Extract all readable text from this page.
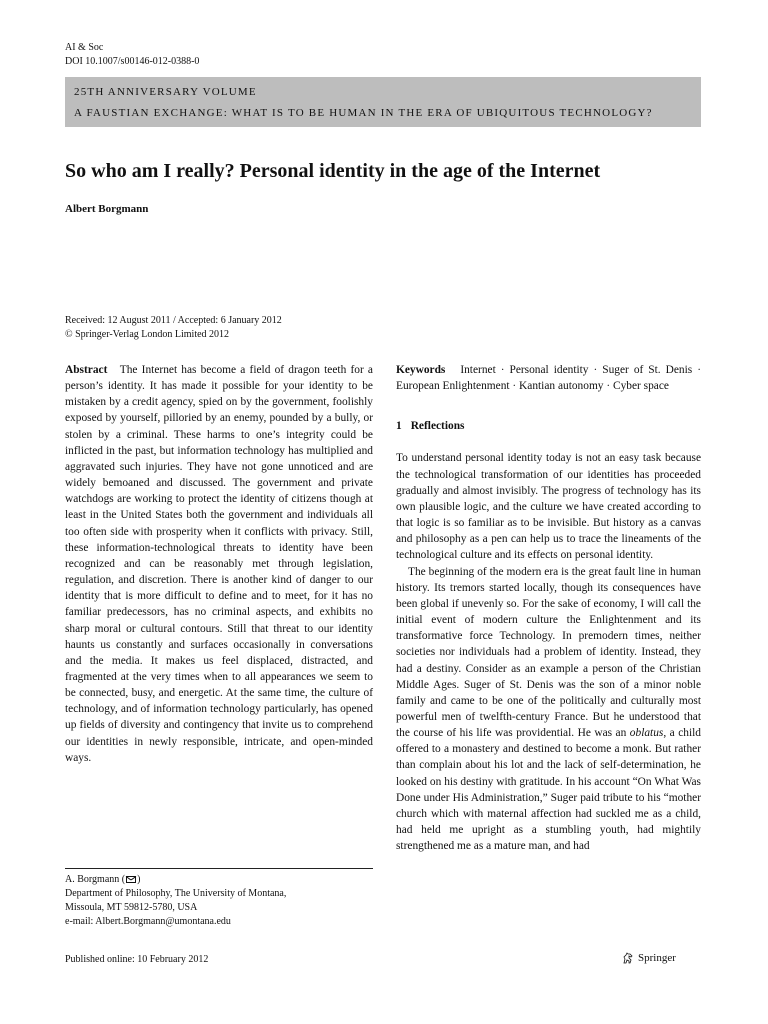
AI & Soc
DOI 10.1007/s00146-012-0388-0
25TH ANNIVERSARY VOLUME
A FAUSTIAN EXCHANGE: WHAT IS TO BE HUMAN IN THE ERA OF UBIQUITOUS TECHNOLOGY?
So who am I really? Personal identity in the age of the Internet
Albert Borgmann
Received: 12 August 2011 / Accepted: 6 January 2012
© Springer-Verlag London Limited 2012

Abstract The Internet has become a field of dragon teeth for a person’s identity. It has made it possible for your identity to be mistaken by a credit agency, spied on by the government, foolishly exposed by yourself, pilloried by an enemy, pounded by a bully, or stolen by a criminal. These harms to one’s integrity could be inflicted in the past, but information technology has multiplied and aggravated such injuries. They have not gone unnoticed and are widely bemoaned and discussed. The government and private watchdogs are working to protect the identity of citizens though at least in the United States both the government and individuals all too often side with prosperity when it conflicts with privacy. Still, these information-technological threats to identity have been recognized and can be reasonably met through legislation, regulation, and discretion. There is another kind of danger to our identity that is more difficult to define and to meet, for it has no familiar predecessors, has no criminal aspects, and exhibits no sharp moral or cultural contours. Still that threat to our identity haunts us constantly and surfaces occasionally in conversations and the media. It makes us feel displaced, distracted, and fragmented at the very times when to all appearances we seem to be connected, busy, and energetic. At the same time, the culture of technology, and of information technology particularly, has opened up fields of diversity and contingency that invite us to comprehend our identities in newly responsible, intricate, and open-minded ways.

Keywords Internet · Personal identity · Suger of St. Denis · European Enlightenment · Kantian autonomy · Cyber space

1 Reflections

To understand personal identity today is not an easy task because the technological transformation of our identities has proceeded gradually and almost invisibly. The progress of technology has its own plausible logic, and the culture we have created according to that logic is so familiar as to be invisible. But history as a canvas and philosophy as a pen can help us to trace the lineaments of the technological culture and its effects on personal identity.

The beginning of the modern era is the great fault line in human history. Its tremors started locally, though its consequences have been global if unevenly so. For the sake of economy, I will call the initial event of modern culture the Enlightenment and its transformative force Technology. In premodern times, neither societies nor individuals had a problem of identity. Instead, they had a destiny. Consider as an example a person of the Christian Middle Ages. Suger of St. Denis was the son of a minor noble family and came to be one of the politically and culturally most powerful men of twelfth-century France. But he understood that the course of his life was providential. He was an oblatus, a child offered to a monastery and destined to become a monk. But rather than complain about his lot and the lack of self-determination, he looked on his destiny with gratitude. In his account “On What Was Done under His Administration,” Suger paid tribute to his “mother church which with maternal affection had suckled me as a child, had held me upright as a stumbling youth, had mightily strengthened me as a mature man, and had

A. Borgmann ( )
Department of Philosophy, The University of Montana,
Missoula, MT 59812-5780, USA
e-mail: Albert.Borgmann@umontana.edu
Published online: 10 February 2012	Springer
